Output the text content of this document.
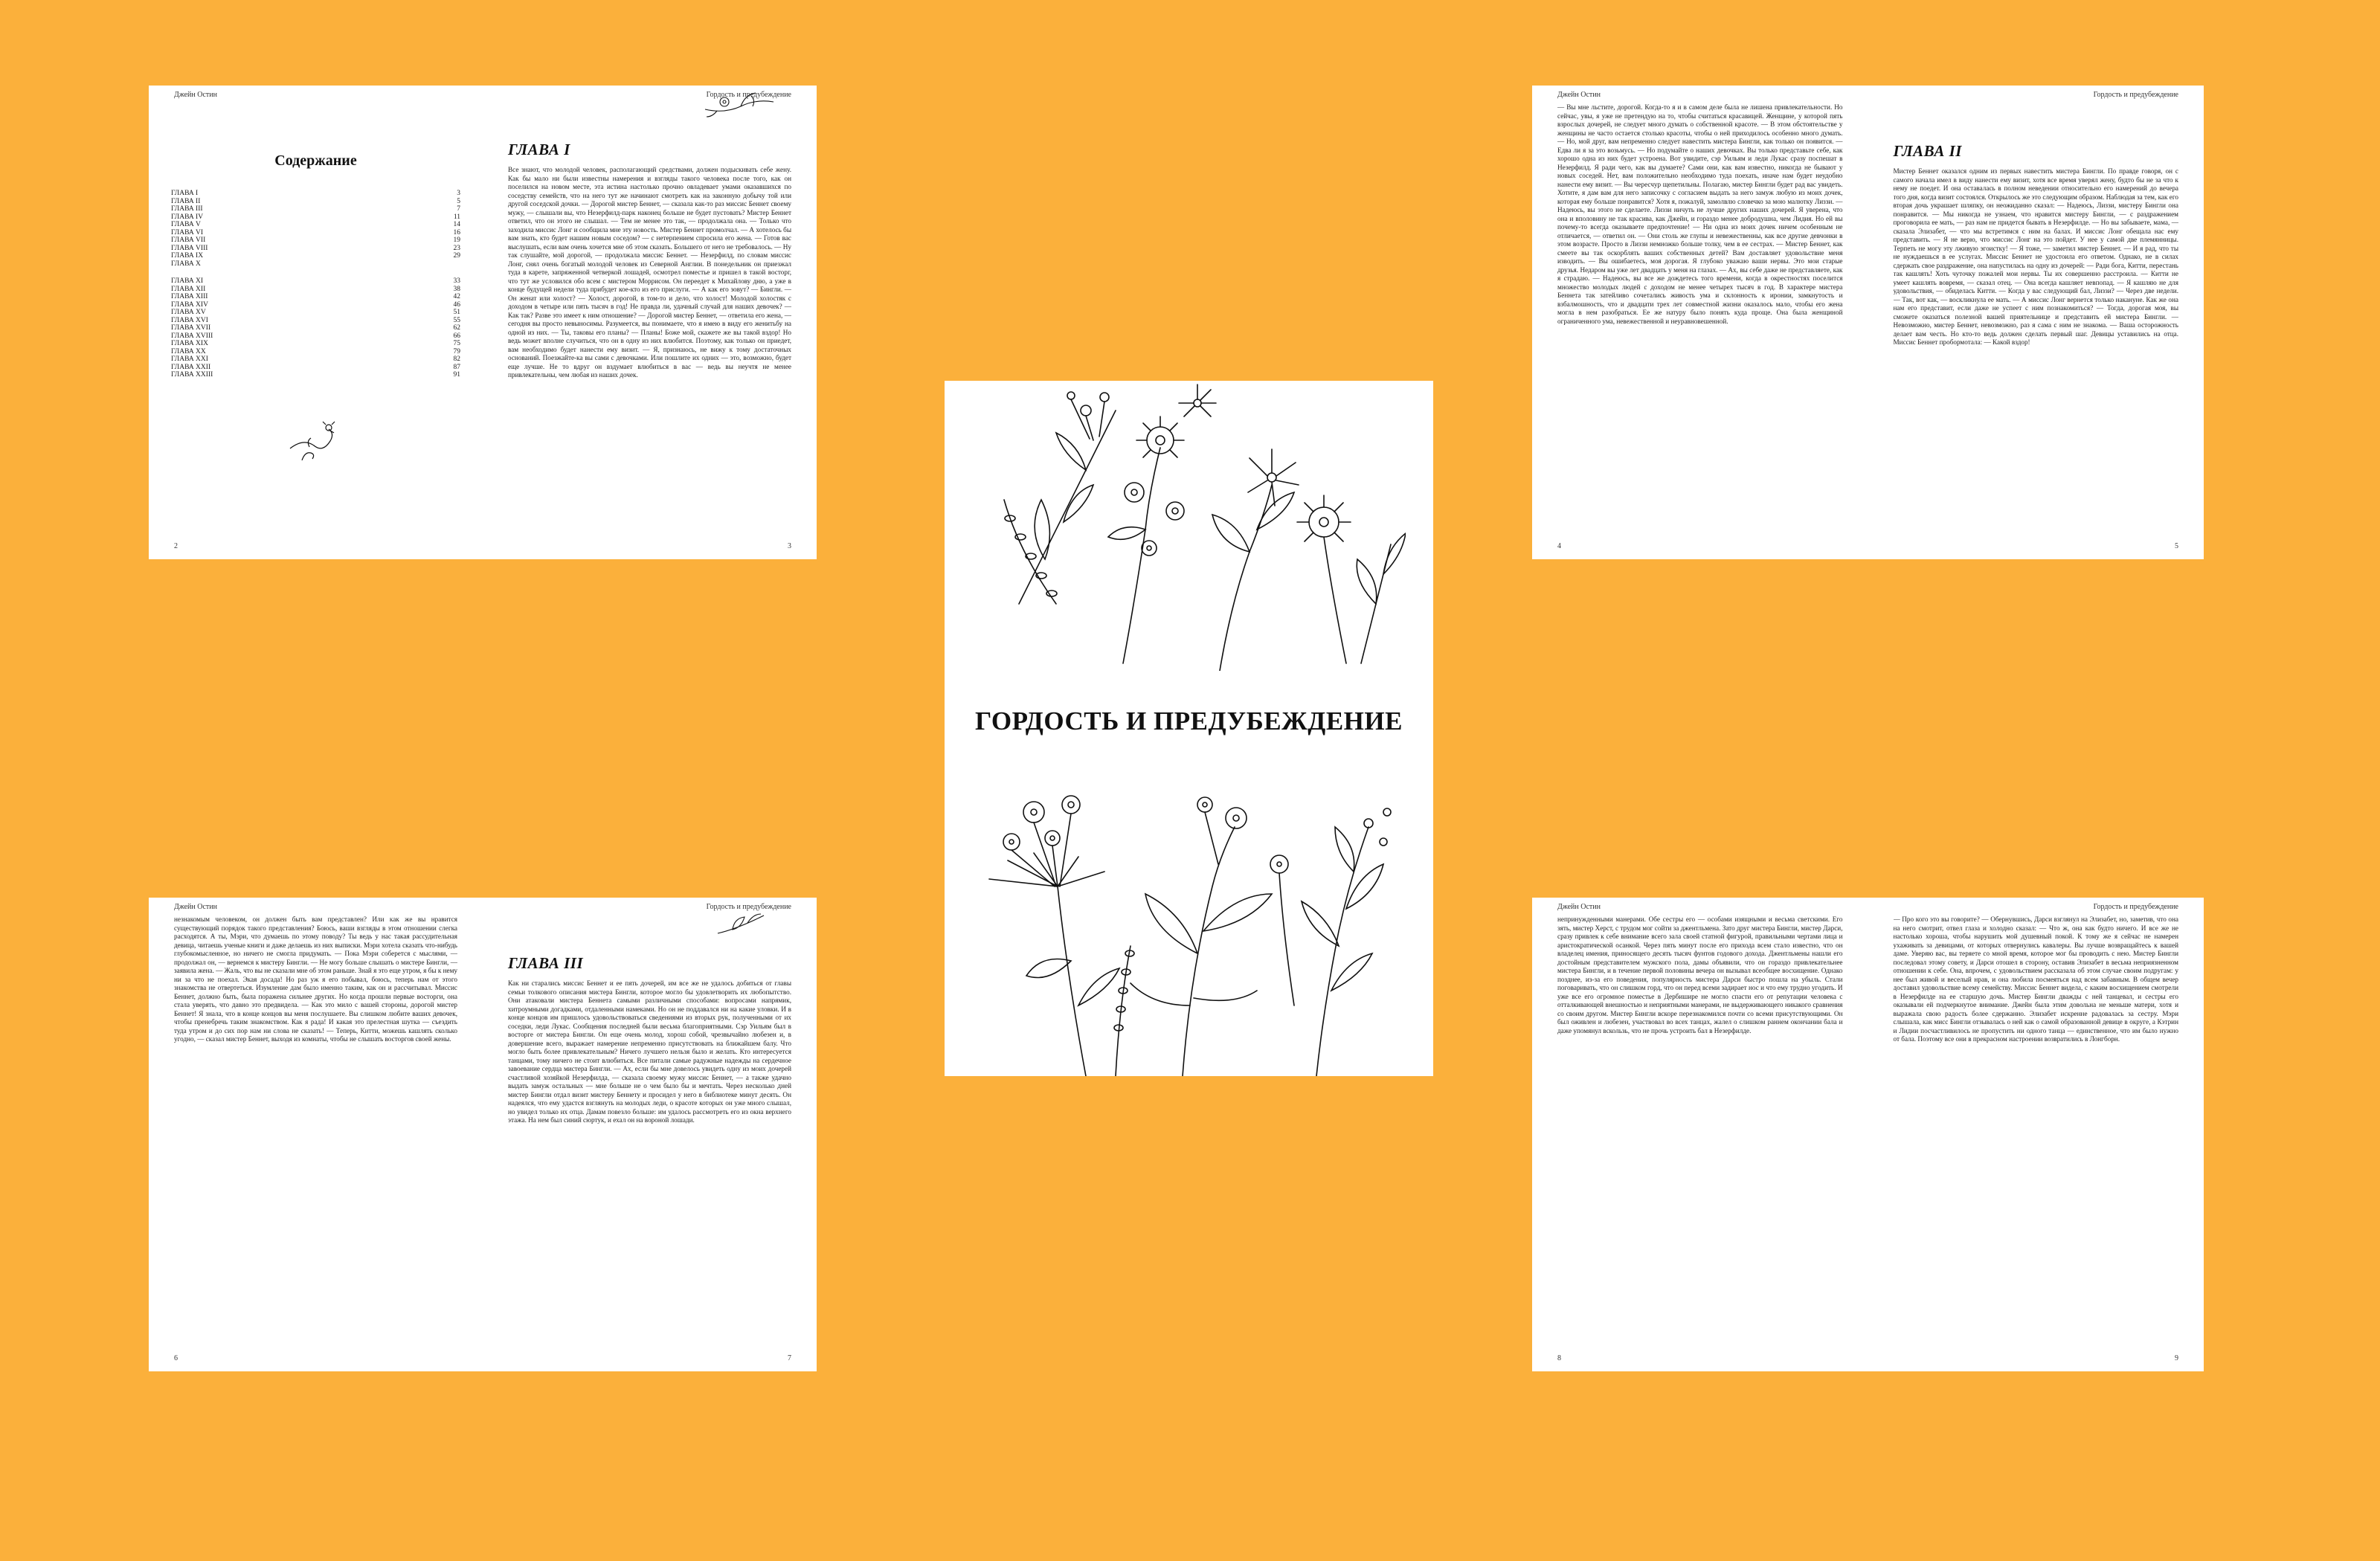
Джейн Остин
Содержание
ГЛАВА I	3
ГЛАВА II	5
ГЛАВА III	7
ГЛАВА IV	11
ГЛАВА V	14
ГЛАВА VI	16
ГЛАВА VII	19
ГЛАВА VIII	23
ГЛАВА IX	29
ГЛАВА X
ГЛАВА XI	33
ГЛАВА XII	38
ГЛАВА XIII	42
ГЛАВА XIV	46
ГЛАВА XV	51
ГЛАВА XVI	55
ГЛАВА XVII	62
ГЛАВА XVIII	66
ГЛАВА XIX	75
ГЛАВА XX	79
ГЛАВА XXI	82
ГЛАВА XXII	87
ГЛАВА XXIII	91
2
Гордость и предубеждение
ГЛАВА I

Все знают, что молодой человек, располагающий средствами, должен подыскивать себе жену. Как бы мало ни были известны намерения и взгляды такого человека после того, как он поселился на новом месте, эта истина настолько прочно овладевает умами оказавшихся по соседству семейств, что на него тут же начинают смотреть как на законную добычу той или другой соседской дочки. — Дорогой мистер Беннет, — сказала как-то раз миссис Беннет своему мужу, — слышали вы, что Незерфилд-парк наконец больше не будет пустовать? Мистер Беннет ответил, что он этого не слышал. — Тем не менее это так, — продолжала она. — Только что заходила миссис Лонг и сообщила мне эту новость. Мистер Беннет промолчал. — А хотелось бы вам знать, кто будет нашим новым соседом? — с нетерпением спросила его жена. — Готов вас выслушать, если вам очень хочется мне об этом сказать. Большего от него не требовалось. — Ну так слушайте, мой дорогой, — продолжала миссис Беннет. — Незерфилд, по словам миссис Лонг, снял очень богатый молодой человек из Северной Англии. В понедельник он приезжал туда в карете, запряженной четверкой лошадей, осмотрел поместье и пришел в такой восторг, что тут же условился обо всем с мистером Моррисом. Он переедет к Михайлову дню, а уже в конце будущей недели туда прибудет кое-кто из его прислуги. — А как его зовут? — Бингли. — Он женат или холост? — Холост, дорогой, в том-то и дело, что холост! Молодой холостяк с доходом в четыре или пять тысяч в год! Не правда ли, удачный случай для наших девочек? — Как так? Разве это имеет к ним отношение? — Дорогой мистер Беннет, — ответила его жена, — сегодня вы просто невыносимы. Разумеется, вы понимаете, что я имею в виду его женитьбу на одной из них. — Ты, таковы его планы? — Планы! Боже мой, скажете же вы такой вздор! Но ведь может вполне случиться, что он в одну из них влюбится. Поэтому, как только он приедет, вам необходимо будет нанести ему визит. — Я, признаюсь, не вижу к тому достаточных оснований. Поезжайте-ка вы сами с девочками. Или пошлите их одних — это, возможно, будет еще лучше. Не то вдруг он вздумает влюбиться в вас — ведь вы неучтя не менее привлекательны, чем любая из наших дочек.

3
Джейн Остин

— Вы мне льстите, дорогой. Когда-то я и в самом деле была не лишена привлекательности. Но сейчас, увы, я уже не претендую на то, чтобы считаться красавицей. Женщине, у которой пять взрослых дочерей, не следует много думать о собственной красоте. — В этом обстоятельстве у женщины не часто остается столько красоты, чтобы о ней приходилось особенно много думать. — Но, мой друг, вам непременно следует навестить мистера Бингли, как только он появится. — Едва ли я за это возьмусь. — Но подумайте о наших девочках. Вы только представьте себе, как хорошо одна из них будет устроена. Вот увидите, сэр Уильям и леди Лукас сразу поспешат в Незерфилд. Я ради чего, как вы думаете? Сами они, как вам известно, никогда не бывают у новых соседей. Нет, вам положительно необходимо туда поехать, иначе нам будет неудобно нанести ему визит. — Вы чересчур щепетильны. Полагаю, мистер Бингли будет рад вас увидеть. Хотите, я дам вам для него записочку с согласием выдать за него замуж любую из моих дочек, которая ему больше понравится? Хотя я, пожалуй, замолвлю словечко за мою малютку Лиззи. — Надеюсь, вы этого не сделаете. Лиззи ничуть не лучше других наших дочерей. Я уверена, что она и вполовину не так красива, как Джейн, и гораздо менее добродушна, чем Лидия. Но ей вы почему-то всегда оказываете предпочтение! — Ни одна из моих дочек ничем особенным не отличается, — ответил он. — Они столь же глупы и невежественны, как все другие девчонки в этом возрасте. Просто в Лиззи немножко больше толку, чем в ее сестрах. — Мистер Беннет, как смеете вы так оскорблять ваших собственных детей? Вам доставляет удовольствие меня изводить. — Вы ошибаетесь, моя дорогая. Я глубоко уважаю ваши нервы. Это мои старые друзья. Недаром вы уже лет двадцать у меня на глазах. — Ах, вы себе даже не представляете, как я страдаю. — Надеюсь, вы все же дождетесь того времени, когда в окрестностях поселится множество молодых людей с доходом не менее четырех тысяч в год. В характере мистера Беннета так затейливо сочетались живость ума и склонность к иронии, замкнутость и взбалмошность, что и двадцати трех лет совместной жизни оказалось мало, чтобы его жена могла в нем разобраться. Ее же натуру было понять куда проще. Она была женщиной ограниченного ума, невежественной и неуравновешенной.

4
Гордость и предубеждение
ГЛАВА II

Мистер Беннет оказался одним из первых навестить мистера Бингли. По правде говоря, он с самого начала имел в виду нанести ему визит, хотя все время уверял жену, будто бы не за что к нему не поедет. И она оставалась в полном неведении относительно его намерений до вечера того дня, когда визит состоялся. Открылось же это следующим образом. Наблюдая за тем, как его вторая дочь украшает шляпку, он неожиданно сказал: — Надеюсь, Лиззи, мистеру Бингли она понравится. — Мы никогда не узнаем, что нравится мистеру Бингли, — с раздражением проговорила ее мать, — раз нам не придется бывать в Незерфилде. — Но вы забываете, мама, — сказала Элизабет, — что мы встретимся с ним на балах. И миссис Лонг обещала нас ему представить. — Я не верю, что миссис Лонг на это пойдет. У нее у самой две племянницы. Терпеть не могу эту лживую эгоистку! — Я тоже, — заметил мистер Беннет. — И я рад, что ты не нуждаешься в ее услугах. Миссис Беннет не удостоила его ответом. Однако, не в силах сдержать свое раздражение, она напустилась на одну из дочерей: — Ради бога, Китти, перестань так кашлять! Хоть чуточку пожалей мои нервы. Ты их совершенно расстроила. — Китти не умеет кашлять вовремя, — сказал отец. — Она всегда кашляет невпопад. — Я кашляю не для удовольствия, — обиделась Китти. — Когда у вас следующий бал, Лиззи? — Через две недели. — Так, вот как, — воскликнула ее мать. — А миссис Лонг вернется только накануне. Как же она нам его представит, если даже не успеет с ним познакомиться? — Тогда, дорогая моя, вы сможете оказаться полезной вашей приятельнице и представить ей мистера Бингли. — Невозможно, мистер Беннет, невозможно, раз я сама с ним не знакома. — Ваша осторожность делает вам честь. Но кто-то ведь должен сделать первый шаг. Девицы уставились на отца. Миссис Беннет пробормотала: — Какой вздор!

5
Джейн Остин

незнакомым человеком, он должен быть вам представлен? Или как же вы нравится существующий порядок такого представления? Боюсь, ваши взгляды в этом отношении слегка расходятся. А ты, Мэри, что думаешь по этому поводу? Ты ведь у нас такая рассудительная девица, читаешь ученые книги и даже делаешь из них выписки. Мэри хотела сказать что-нибудь глубокомысленное, но ничего не смогла придумать. — Пока Мэри соберется с мыслями, — продолжал он, — вернемся к мистеру Бингли. — Не могу больше слышать о мистере Бингли, — заявила жена. — Жаль, что вы не сказали мне об этом раньше. Знай я это еще утром, я бы к нему ни за что не поехал. Экая досада! Но раз уж я его побывал, боюсь, теперь нам от этого знакомства не отвертеться. Изумление дам было именно таким, как он и рассчитывал. Миссис Беннет, должно быть, была поражена сильнее других. Но когда прошли первые восторги, она стала уверять, что давно это предвидела. — Как это мило с вашей стороны, дорогой мистер Беннет! Я знала, что в конце концов вы меня послушаете. Вы слишком любите ваших девочек, чтобы пренебречь таким знакомством. Как я рада! И какая это прелестная шутка — съездить туда утром и до сих пор нам ни слова не сказать! — Теперь, Китти, можешь кашлять сколько угодно, — сказал мистер Беннет, выходя из комнаты, чтобы не слышать восторгов своей жены.

6
Гордость и предубеждение
ГЛАВА III

Как ни старались миссис Беннет и ее пять дочерей, им все же не удалось добиться от главы семьи толкового описания мистера Бингли, которое могло бы удовлетворить их любопытство. Они атаковали мистера Беннета самыми различными способами: вопросами напрямик, хитроумными догадками, отдаленными намеками. Но он не поддавался ни на какие уловки. И в конце концов им пришлось удовольствоваться сведениями из вторых рук, полученными от их соседки, леди Лукас. Сообщения последней были весьма благоприятными. Сэр Уильям был в восторге от мистера Бингли. Он еще очень молод, хорош собой, чрезвычайно любезен и, в довершение всего, выражает намерение непременно присутствовать на ближайшем балу. Что могло быть более привлекательным? Ничего лучшего нельзя было и желать. Кто интересуется танцами, тому ничего не стоит влюбиться. Все питали самые радужные надежды на сердечное завоевание сердца мистера Бингли. — Ах, если бы мне довелось увидеть одну из моих дочерей счастливой хозяйкой Незерфилда, — сказала своему мужу миссис Беннет, — а также удачно выдать замуж остальных — мне больше не о чем было бы и мечтать. Через несколько дней мистер Бингли отдал визит мистеру Беннету и просидел у него в библиотеке минут десять. Он надеялся, что ему удастся взглянуть на молодых леди, о красоте которых он уже много слышал, но увидел только их отца. Дамам повезло больше: им удалось рассмотреть его из окна верхнего этажа. На нем был синий сюртук, и ехал он на вороной лошади.

7
Джейн Остин

непринужденными манерами. Обе сестры его — особами изящными и весьма светскими. Его зять, мистер Херст, с трудом мог сойти за джентльмена. Зато друг мистера Бингли, мистер Дарси, сразу привлек к себе внимание всего зала своей статной фигурой, правильными чертами лица и аристократической осанкой. Через пять минут после его прихода всем стало известно, что он владелец имения, приносящего десять тысяч фунтов годового дохода. Джентльмены нашли его достойным представителем мужского пола, дамы объявили, что он гораздо привлекательнее мистера Бингли, и в течение первой половины вечера он вызывал всеобщее восхищение. Однако позднее, из-за его поведения, популярность мистера Дарси быстро пошла на убыль. Стали поговаривать, что он слишком горд, что он перед всеми задирает нос и что ему трудно угодить. И уже все его огромное поместье в Дербишире не могло спасти его от репутации человека с отталкивающей внешностью и неприятными манерами, не выдерживающего никакого сравнения со своим другом. Мистер Бингли вскоре перезнакомился почти со всеми присутствующими. Он был оживлен и любезен, участвовал во всех танцах, жалел о слишком раннем окончании бала и даже упомянул вскользь, что не прочь устроить бал в Незерфилде.

8
Гордость и предубеждение

— Про кого это вы говорите? — Обернувшись, Дарси взглянул на Элизабет, но, заметив, что она на него смотрит, отвел глаза и холодно сказал: — Что ж, она как будто ничего. И все же не настолько хороша, чтобы нарушить мой душевный покой. К тому же я сейчас не намерен ухаживать за девицами, от которых отвернулись кавалеры. Вы лучше возвращайтесь к вашей даме. Уверяю вас, вы теряете со мной время, которое мог бы проводить с нею. Мистер Бингли последовал этому совету, и Дарси отошел в сторону, оставив Элизабет в весьма неприязненном отношении к себе. Она, впрочем, с удовольствием рассказала об этом случае своим подругам: у нее был живой и веселый нрав, и она любила посмеяться над всем забавным. В общем вечер доставил удовольствие всему семейству. Миссис Беннет видела, с каким восхищением смотрели в Незерфилде на ее старшую дочь. Мистер Бингли дважды с ней танцевал, и сестры его оказывали ей подчеркнутое внимание. Джейн была этим довольна не меньше матери, хотя и выражала свою радость более сдержанно. Элизабет искренне радовалась за сестру. Мэри слышала, как мисс Бингли отзывалась о ней как о самой образованной девице в округе, а Кэтрин и Лидии посчастливилось не пропустить ни одного танца — единственное, что им было нужно от бала. Поэтому все они в прекрасном настроении возвратились в Лонгборн.

9
ГОРДОСТЬ И ПРЕДУБЕЖДЕНИЕ
